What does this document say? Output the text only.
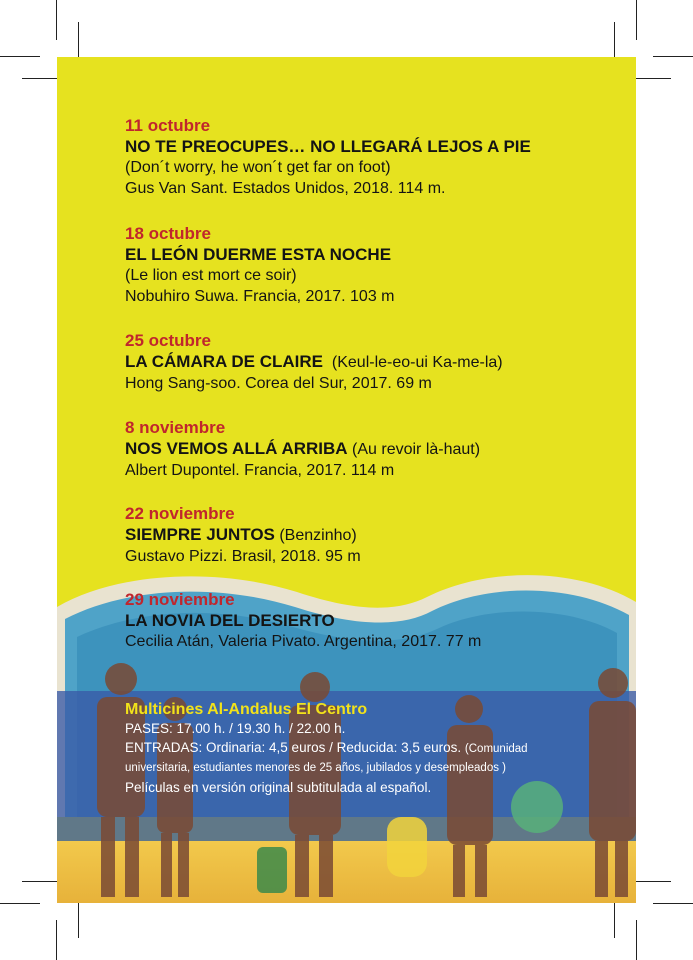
11 octubre
NO TE PREOCUPES… NO LLEGARÁ LEJOS A PIE
(Don´t worry, he won´t get far on foot)
Gus Van Sant. Estados Unidos, 2018. 114 m.
18 octubre
EL LEÓN DUERME ESTA NOCHE
(Le lion est mort ce soir)
Nobuhiro Suwa. Francia, 2017. 103 m
25 octubre
LA CÁMARA DE CLAIRE (Keul-le-eo-ui Ka-me-la)
Hong Sang-soo. Corea del Sur, 2017. 69 m
8 noviembre
NOS VEMOS ALLÁ ARRIBA (Au revoir là-haut)
Albert Dupontel. Francia, 2017. 114 m
22 noviembre
SIEMPRE JUNTOS (Benzinho)
Gustavo Pizzi. Brasil, 2018. 95 m
29 noviembre
LA NOVIA DEL DESIERTO
Cecilia Atán, Valeria Pivato. Argentina, 2017. 77 m
Multicines Al-Andalus El Centro
PASES: 17.00 h. / 19.30 h. / 22.00 h.
ENTRADAS: Ordinaria: 4,5 euros / Reducida: 3,5 euros. (Comunidad
universitaria, estudiantes menores de 25 años, jubilados y desempleados )
Películas en versión original subtitulada al español.
